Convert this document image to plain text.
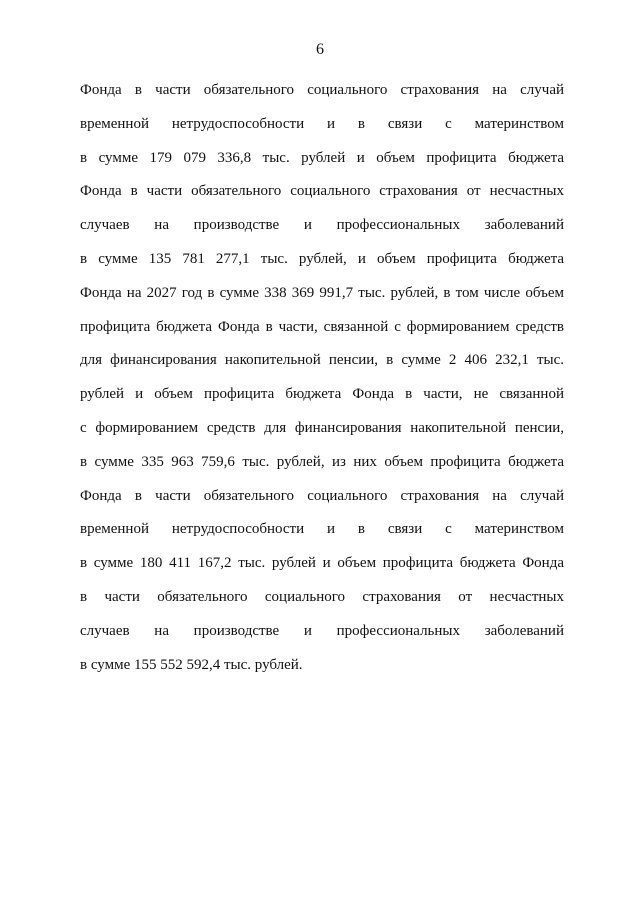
6
Фонда в части обязательного социального страхования на случай
временной нетрудоспособности и в связи с материнством
в сумме 179 079 336,8 тыс. рублей и объем профицита бюджета
Фонда в части обязательного социального страхования от несчастных
случаев на производстве и профессиональных заболеваний
в сумме 135 781 277,1 тыс. рублей, и объем профицита бюджета
Фонда на 2027 год в сумме 338 369 991,7 тыс. рублей, в том числе объем
профицита бюджета Фонда в части, связанной с формированием средств
для финансирования накопительной пенсии, в сумме 2 406 232,1 тыс.
рублей и объем профицита бюджета Фонда в части, не связанной
с формированием средств для финансирования накопительной пенсии,
в сумме 335 963 759,6 тыс. рублей, из них объем профицита бюджета
Фонда в части обязательного социального страхования на случай
временной нетрудоспособности и в связи с материнством
в сумме 180 411 167,2 тыс. рублей и объем профицита бюджета Фонда
в части обязательного социального страхования от несчастных
случаев на производстве и профессиональных заболеваний
в сумме 155 552 592,4 тыс. рублей.
